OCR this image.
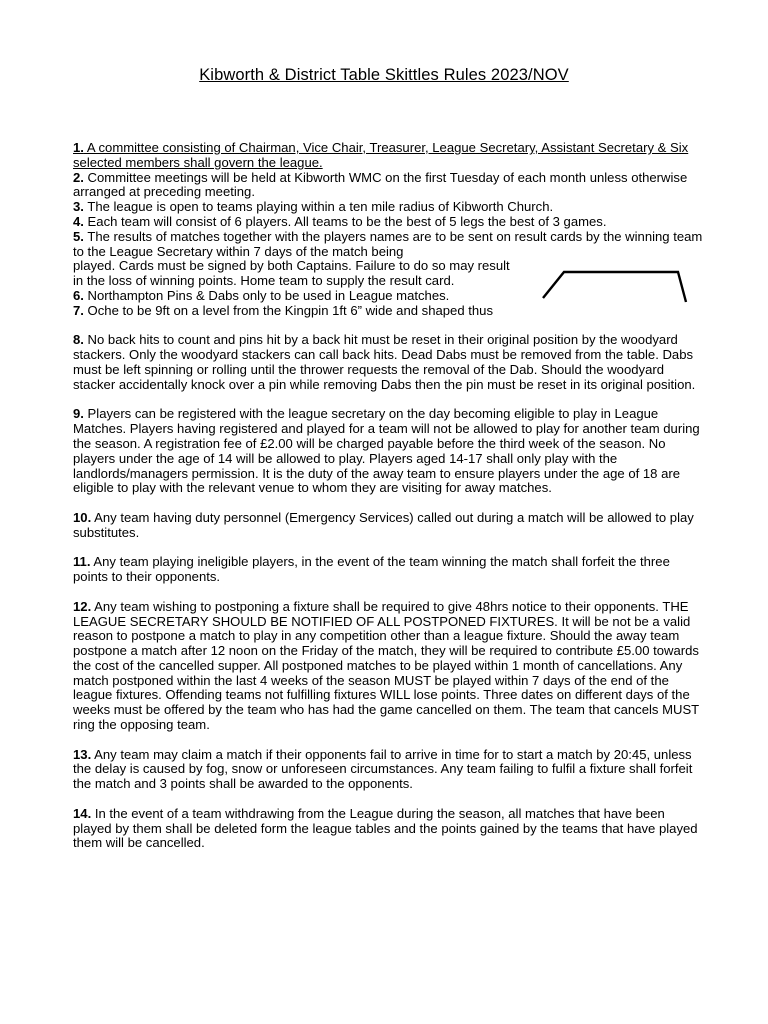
Kibworth & District Table Skittles Rules 2023/NOV

1. A committee consisting of Chairman, Vice Chair, Treasurer, League Secretary, Assistant Secretary & Six selected members shall govern the league.

2. Committee meetings will be held at Kibworth WMC on the first Tuesday of each month unless otherwise arranged at preceding meeting.

3. The league is open to teams playing within a ten mile radius of Kibworth Church.

4. Each team will consist of 6 players. All teams to be the best of 5 legs the best of 3 games.

5. The results of matches together with the players names are to be sent on result cards by the winning team to the League Secretary within 7 days of the match being
played. Cards must be signed by both Captains. Failure to do so may result in the loss of winning points. Home team to supply the result card.

6. Northampton Pins & Dabs only to be used in League matches.

7. Oche to be 9ft on a level from the Kingpin 1ft 6” wide and shaped thus

8. No back hits to count and pins hit by a back hit must be reset in their original position by the woodyard stackers. Only the woodyard stackers can call back hits. Dead Dabs must be removed from the table. Dabs must be left spinning or rolling until the thrower requests the removal of the Dab. Should the woodyard stacker accidentally knock over a pin while removing Dabs then the pin must be reset in its original position.

9. Players can be registered with the league secretary on the day becoming eligible to play in League Matches. Players having registered and played for a team will not be allowed to play for another team during the season. A registration fee of £2.00 will be charged payable before the third week of the season. No players under the age of 14 will be allowed to play. Players aged 14-17 shall only play with the landlords/managers permission. It is the duty of the away team to ensure players under the age of 18 are eligible to play with the relevant venue to whom they are visiting for away matches.

10. Any team having duty personnel (Emergency Services) called out during a match will be allowed to play substitutes.

11. Any team playing ineligible players, in the event of the team winning the match shall forfeit the three points to their opponents.

12. Any team wishing to postponing a fixture shall be required to give 48hrs notice to their opponents. THE LEAGUE SECRETARY SHOULD BE NOTIFIED OF ALL POSTPONED FIXTURES. It will be not be a valid reason to postpone a match to play in any competition other than a league fixture. Should the away team postpone a match after 12 noon on the Friday of the match, they will be required to contribute £5.00 towards the cost of the cancelled supper. All postponed matches to be played within 1 month of cancellations. Any match postponed within the last 4 weeks of the season MUST be played within 7 days of the end of the league fixtures. Offending teams not fulfilling fixtures WILL lose points. Three dates on different days of the weeks must be offered by the team who has had the game cancelled on them. The team that cancels MUST ring the opposing team.

13. Any team may claim a match if their opponents fail to arrive in time for to start a match by 20:45, unless the delay is caused by fog, snow or unforeseen circumstances. Any team failing to fulfil a fixture shall forfeit the match and 3 points shall be awarded to the opponents.

14. In the event of a team withdrawing from the League during the season, all matches that have been played by them shall be deleted form the league tables and the points gained by the teams that have played them will be cancelled.
